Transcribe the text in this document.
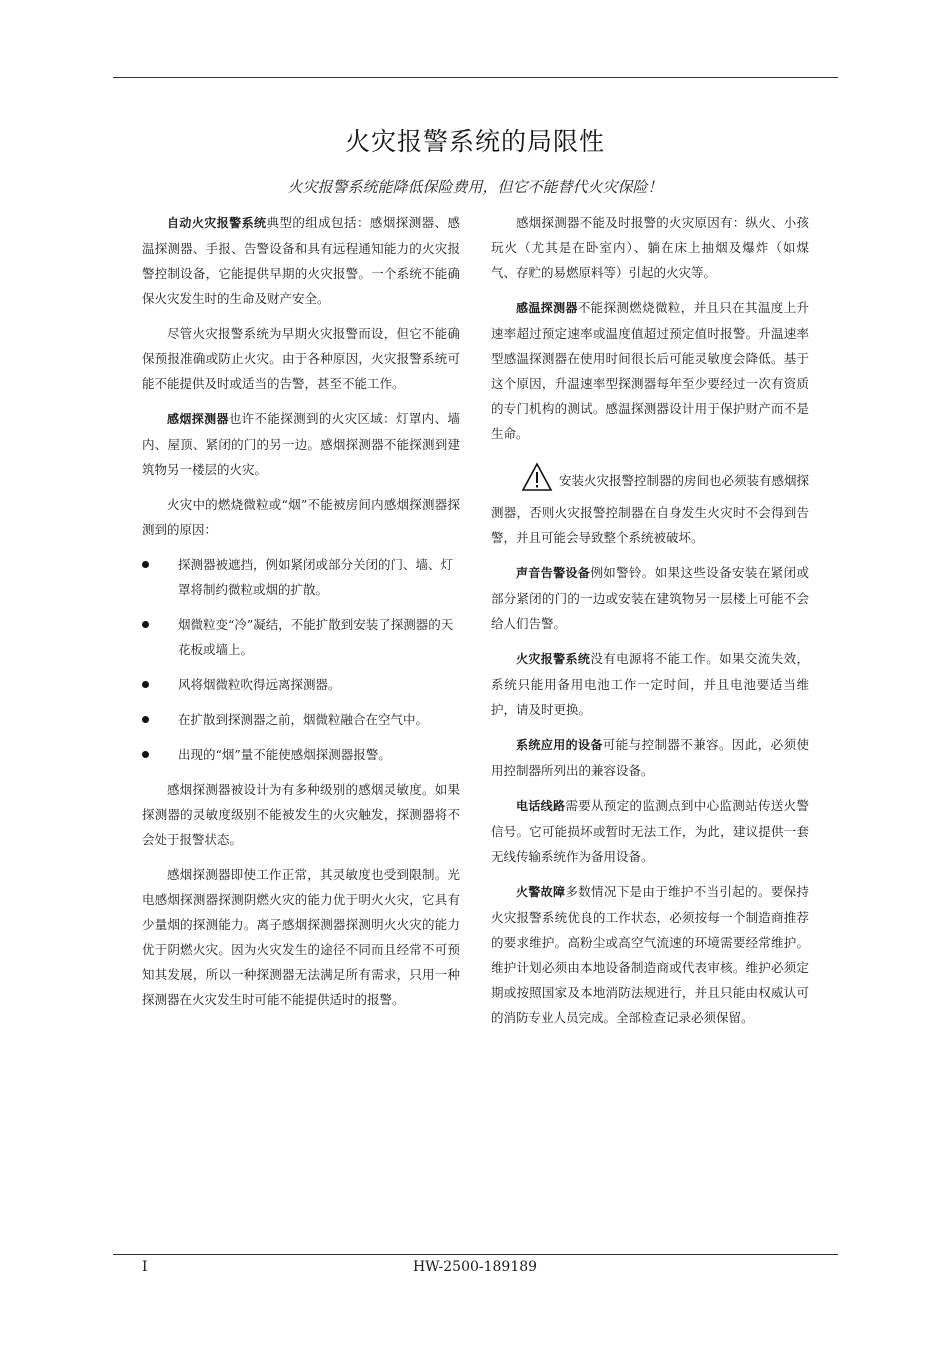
火灾报警系统的局限性
火灾报警系统能降低保险费用，但它不能替代火灾保险！

自动火灾报警系统典型的组成包括：感烟探测器、感温探测器、手报、告警设备和具有远程通知能力的火灾报警控制设备，它能提供早期的火灾报警。一个系统不能确保火灾发生时的生命及财产安全。

尽管火灾报警系统为早期火灾报警而设，但它不能确保预报准确或防止火灾。由于各种原因，火灾报警系统可能不能提供及时或适当的告警，甚至不能工作。

感烟探测器也许不能探测到的火灾区域：灯罩内、墙内、屋顶、紧闭的门的另一边。感烟探测器不能探测到建筑物另一楼层的火灾。

火灾中的燃烧微粒或“烟”不能被房间内感烟探测器探测到的原因：

探测器被遮挡，例如紧闭或部分关闭的门、墙、灯罩将制约微粒或烟的扩散。
烟微粒变“冷”凝结，不能扩散到安装了探测器的天花板或墙上。
风将烟微粒吹得远离探测器。
在扩散到探测器之前，烟微粒融合在空气中。
出现的“烟”量不能使感烟探测器报警。

感烟探测器被设计为有多种级别的感烟灵敏度。如果探测器的灵敏度级别不能被发生的火灾触发，探测器将不会处于报警状态。

感烟探测器即使工作正常，其灵敏度也受到限制。光电感烟探测器探测阴燃火灾的能力优于明火火灾，它具有少量烟的探测能力。离子感烟探测器探测明火火灾的能力优于阴燃火灾。因为火灾发生的途径不同而且经常不可预知其发展，所以一种探测器无法满足所有需求，只用一种探测器在火灾发生时可能不能提供适时的报警。

感烟探测器不能及时报警的火灾原因有：纵火、小孩玩火（尤其是在卧室内）、躺在床上抽烟及爆炸（如煤气、存贮的易燃原料等）引起的火灾等。

感温探测器不能探测燃烧微粒，并且只在其温度上升速率超过预定速率或温度值超过预定值时报警。升温速率型感温探测器在使用时间很长后可能灵敏度会降低。基于这个原因，升温速率型探测器每年至少要经过一次有资质的专门机构的测试。感温探测器设计用于保护财产而不是生命。

安装火灾报警控制器的房间也必须装有感烟探测器，否则火灾报警控制器在自身发生火灾时不会得到告警，并且可能会导致整个系统被破坏。

声音告警设备例如警铃。如果这些设备安装在紧闭或部分紧闭的门的一边或安装在建筑物另一层楼上可能不会给人们告警。

火灾报警系统没有电源将不能工作。如果交流失效，系统只能用备用电池工作一定时间，并且电池要适当维护，请及时更换。

系统应用的设备可能与控制器不兼容。因此，必须使用控制器所列出的兼容设备。

电话线路需要从预定的监测点到中心监测站传送火警信号。它可能损坏或暂时无法工作，为此，建议提供一套无线传输系统作为备用设备。

火警故障多数情况下是由于维护不当引起的。要保持火灾报警系统优良的工作状态，必须按每一个制造商推荐的要求维护。高粉尘或高空气流速的环境需要经常维护。维护计划必须由本地设备制造商或代表审核。维护必须定期或按照国家及本地消防法规进行，并且只能由权威认可的消防专业人员完成。全部检查记录必须保留。

I	HW-2500-189189
